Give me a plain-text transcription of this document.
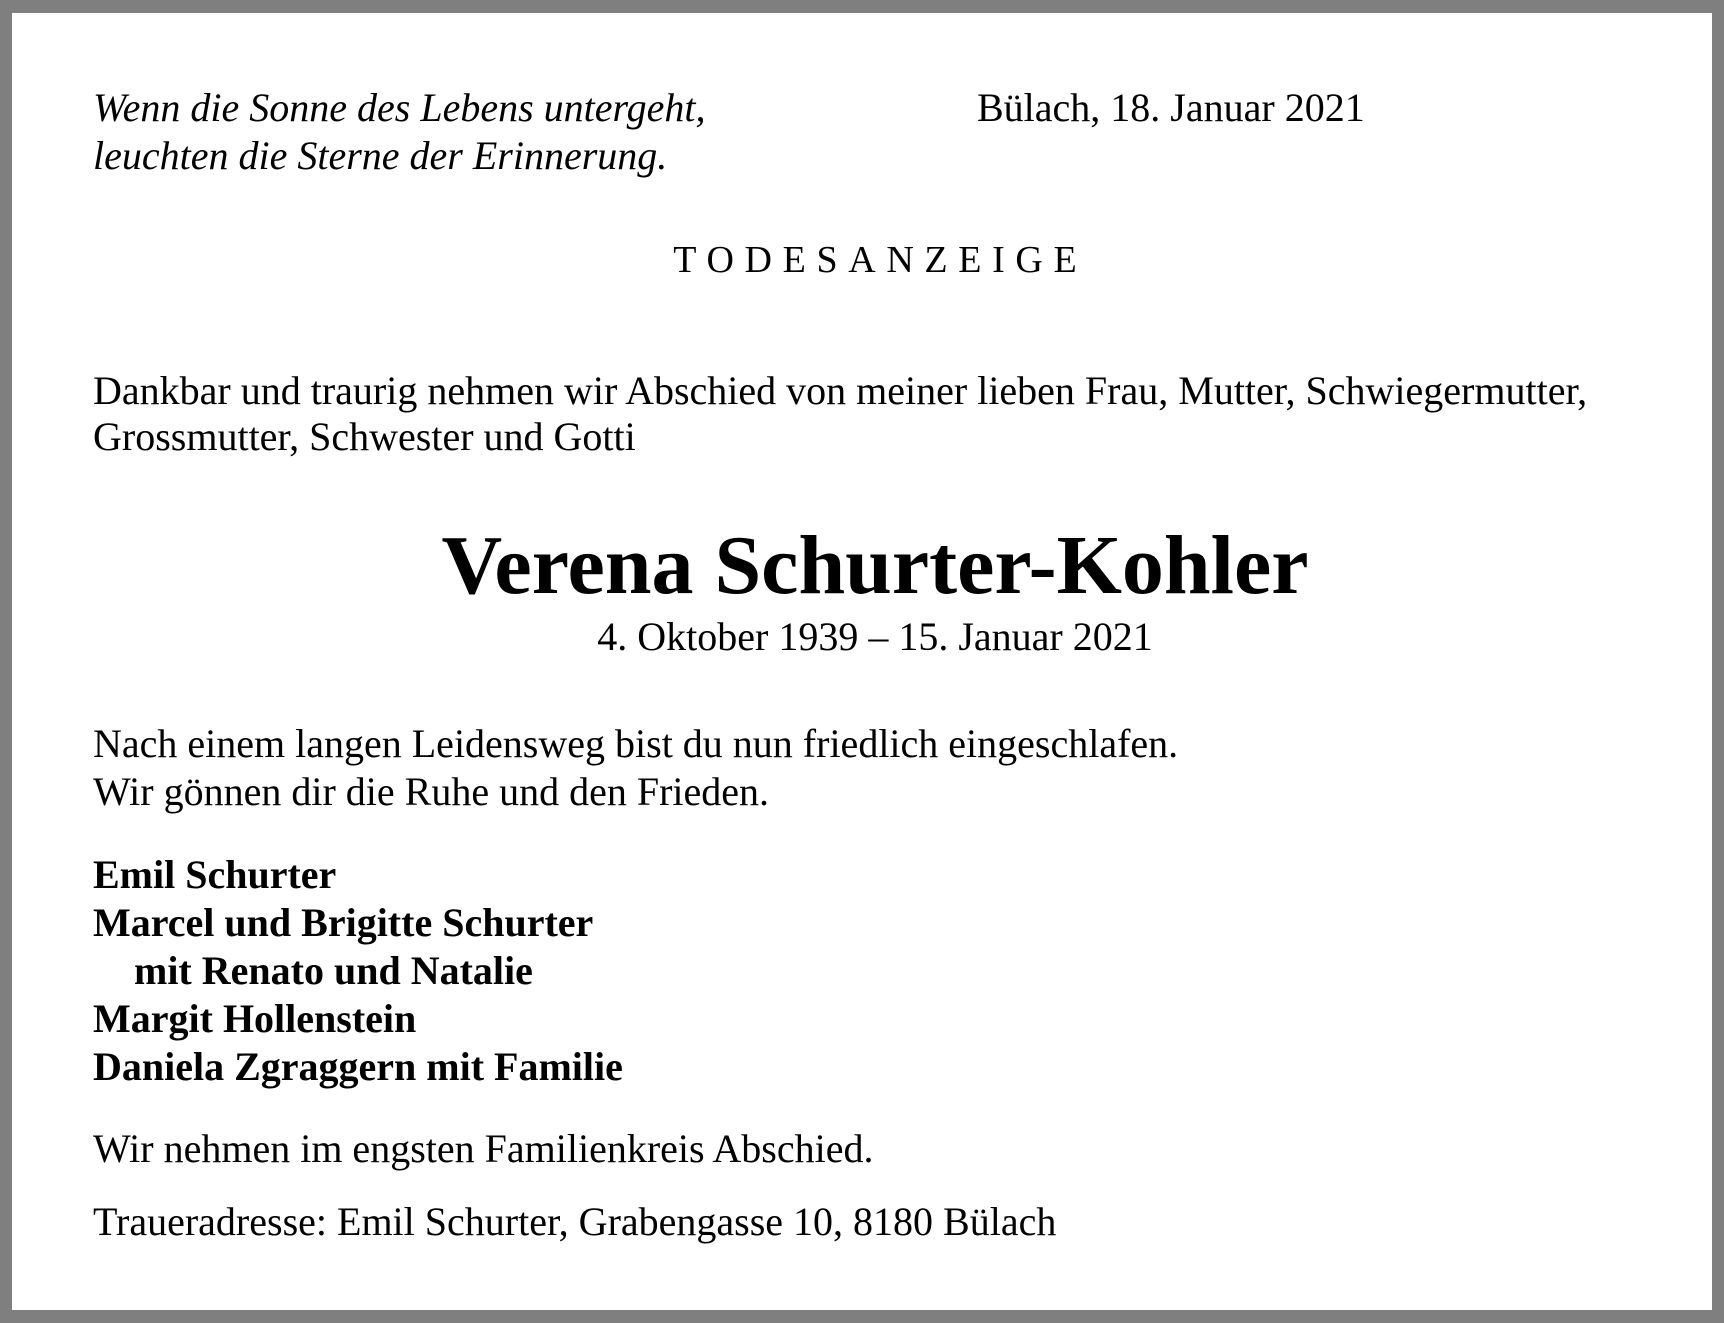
Wenn die Sonne des Lebens untergeht,
leuchten die Sterne der Erinnerung.
Bülach, 18. Januar 2021
TODESANZEIGE
Dankbar und traurig nehmen wir Abschied von meiner lieben Frau, Mutter, Schwiegermutter,
Grossmutter, Schwester und Gotti
Verena Schurter-Kohler
4. Oktober 1939 – 15. Januar 2021
Nach einem langen Leidensweg bist du nun friedlich eingeschlafen.
Wir gönnen dir die Ruhe und den Frieden.
Emil Schurter
Marcel und Brigitte Schurter
mit Renato und Natalie
Margit Hollenstein
Daniela Zgraggern mit Familie
Wir nehmen im engsten Familienkreis Abschied.
Traueradresse: Emil Schurter, Grabengasse 10, 8180 Bülach
